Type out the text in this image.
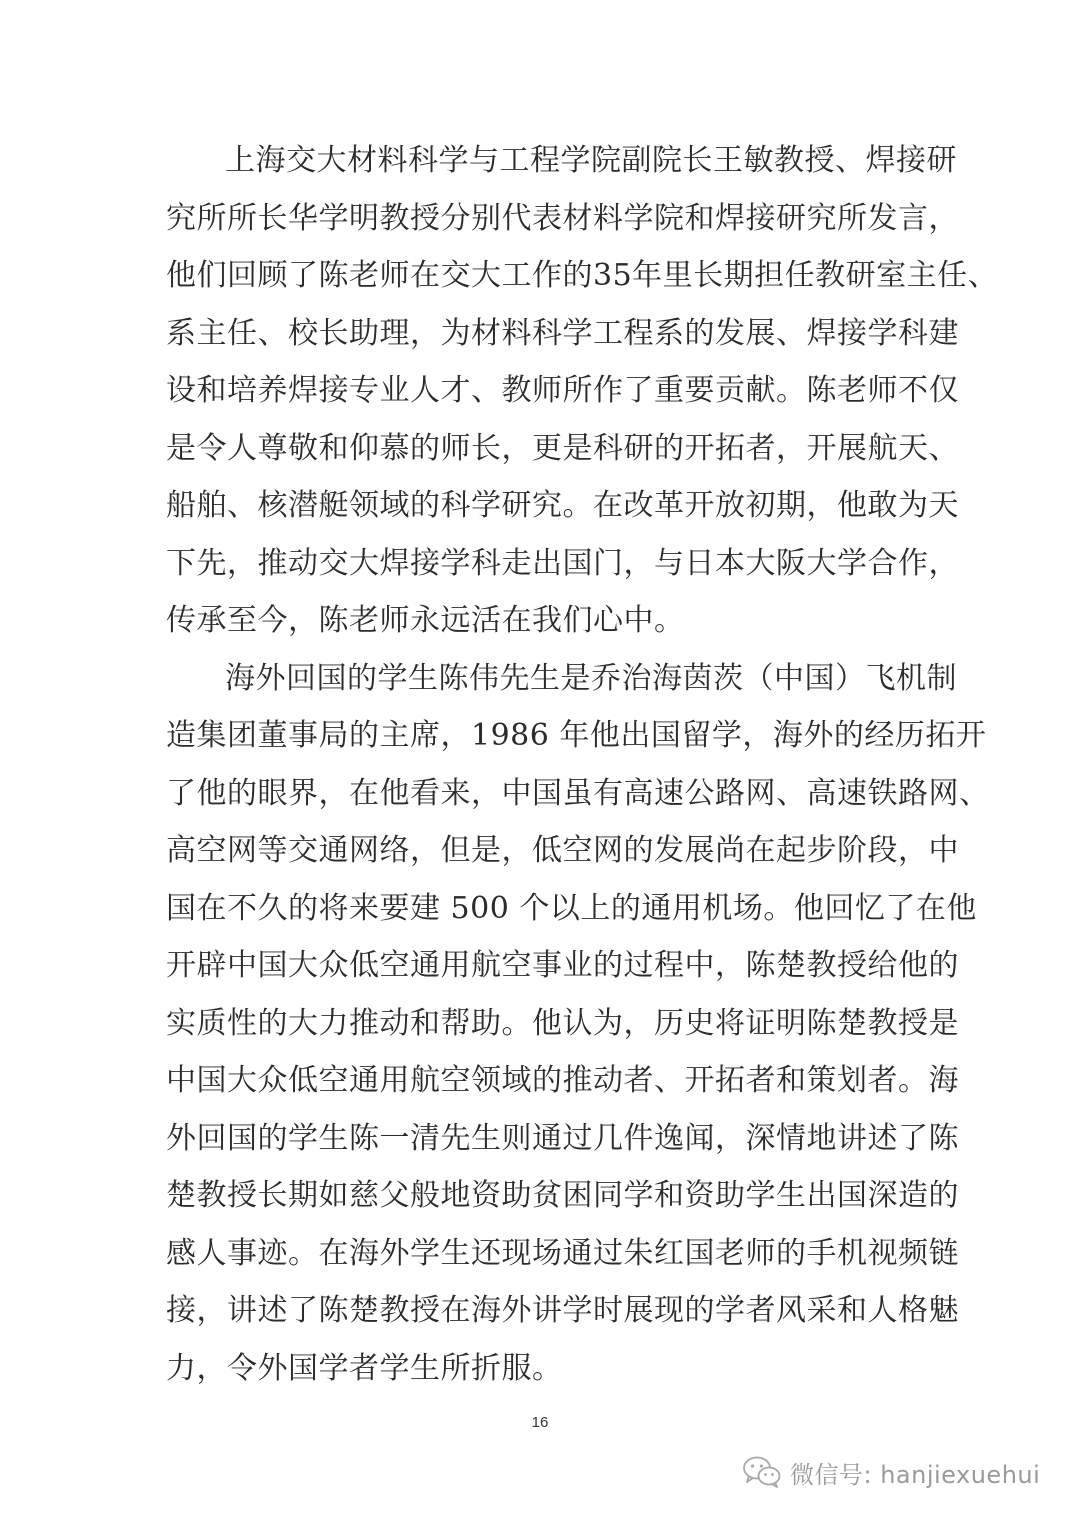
上海交大材料科学与工程学院副院长王敏教授、焊接研
究所所长华学明教授分别代表材料学院和焊接研究所发言，
他们回顾了陈老师在交大工作的35年里长期担任教研室主任、
系主任、校长助理，为材料科学工程系的发展、焊接学科建
设和培养焊接专业人才、教师所作了重要贡献。陈老师不仅
是令人尊敬和仰慕的师长，更是科研的开拓者，开展航天、
船舶、核潜艇领域的科学研究。在改革开放初期，他敢为天
下先，推动交大焊接学科走出国门，与日本大阪大学合作，
传承至今，陈老师永远活在我们心中。
海外回国的学生陈伟先生是乔治海茵茨（中国）飞机制
造集团董事局的主席，1986 年他出国留学，海外的经历拓开
了他的眼界，在他看来，中国虽有高速公路网、高速铁路网、
高空网等交通网络，但是，低空网的发展尚在起步阶段，中
国在不久的将来要建 500 个以上的通用机场。他回忆了在他
开辟中国大众低空通用航空事业的过程中，陈楚教授给他的
实质性的大力推动和帮助。他认为，历史将证明陈楚教授是
中国大众低空通用航空领域的推动者、开拓者和策划者。海
外回国的学生陈一清先生则通过几件逸闻，深情地讲述了陈
楚教授长期如慈父般地资助贫困同学和资助学生出国深造的
感人事迹。在海外学生还现场通过朱红国老师的手机视频链
接，讲述了陈楚教授在海外讲学时展现的学者风采和人格魅
力，令外国学者学生所折服。
16
微信号: hanjiexuehui
